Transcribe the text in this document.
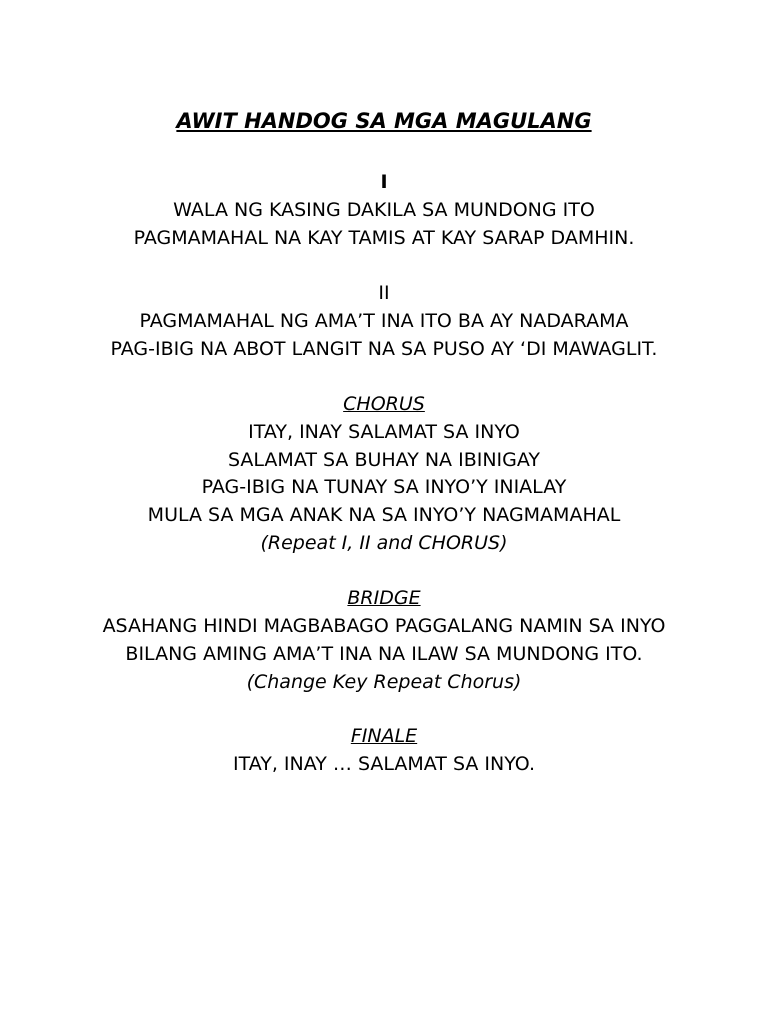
AWIT HANDOG SA MGA MAGULANG
I
WALA NG KASING DAKILA SA MUNDONG ITO
PAGMAMAHAL NA KAY TAMIS AT KAY SARAP DAMHIN.
II
PAGMAMAHAL NG AMA’T INA ITO BA AY NADARAMA
PAG-IBIG NA ABOT LANGIT NA SA PUSO AY ‘DI MAWAGLIT.
CHORUS
ITAY, INAY SALAMAT SA INYO
SALAMAT SA BUHAY NA IBINIGAY
PAG-IBIG NA TUNAY SA INYO’Y INIALAY
MULA SA MGA ANAK NA SA INYO’Y NAGMAMAHAL
(Repeat I, II and CHORUS)
BRIDGE
ASAHANG HINDI MAGBABAGO PAGGALANG NAMIN SA INYO
BILANG AMING AMA’T INA NA ILAW SA MUNDONG ITO.
(Change Key Repeat Chorus)
FINALE
ITAY, INAY … SALAMAT SA INYO.
